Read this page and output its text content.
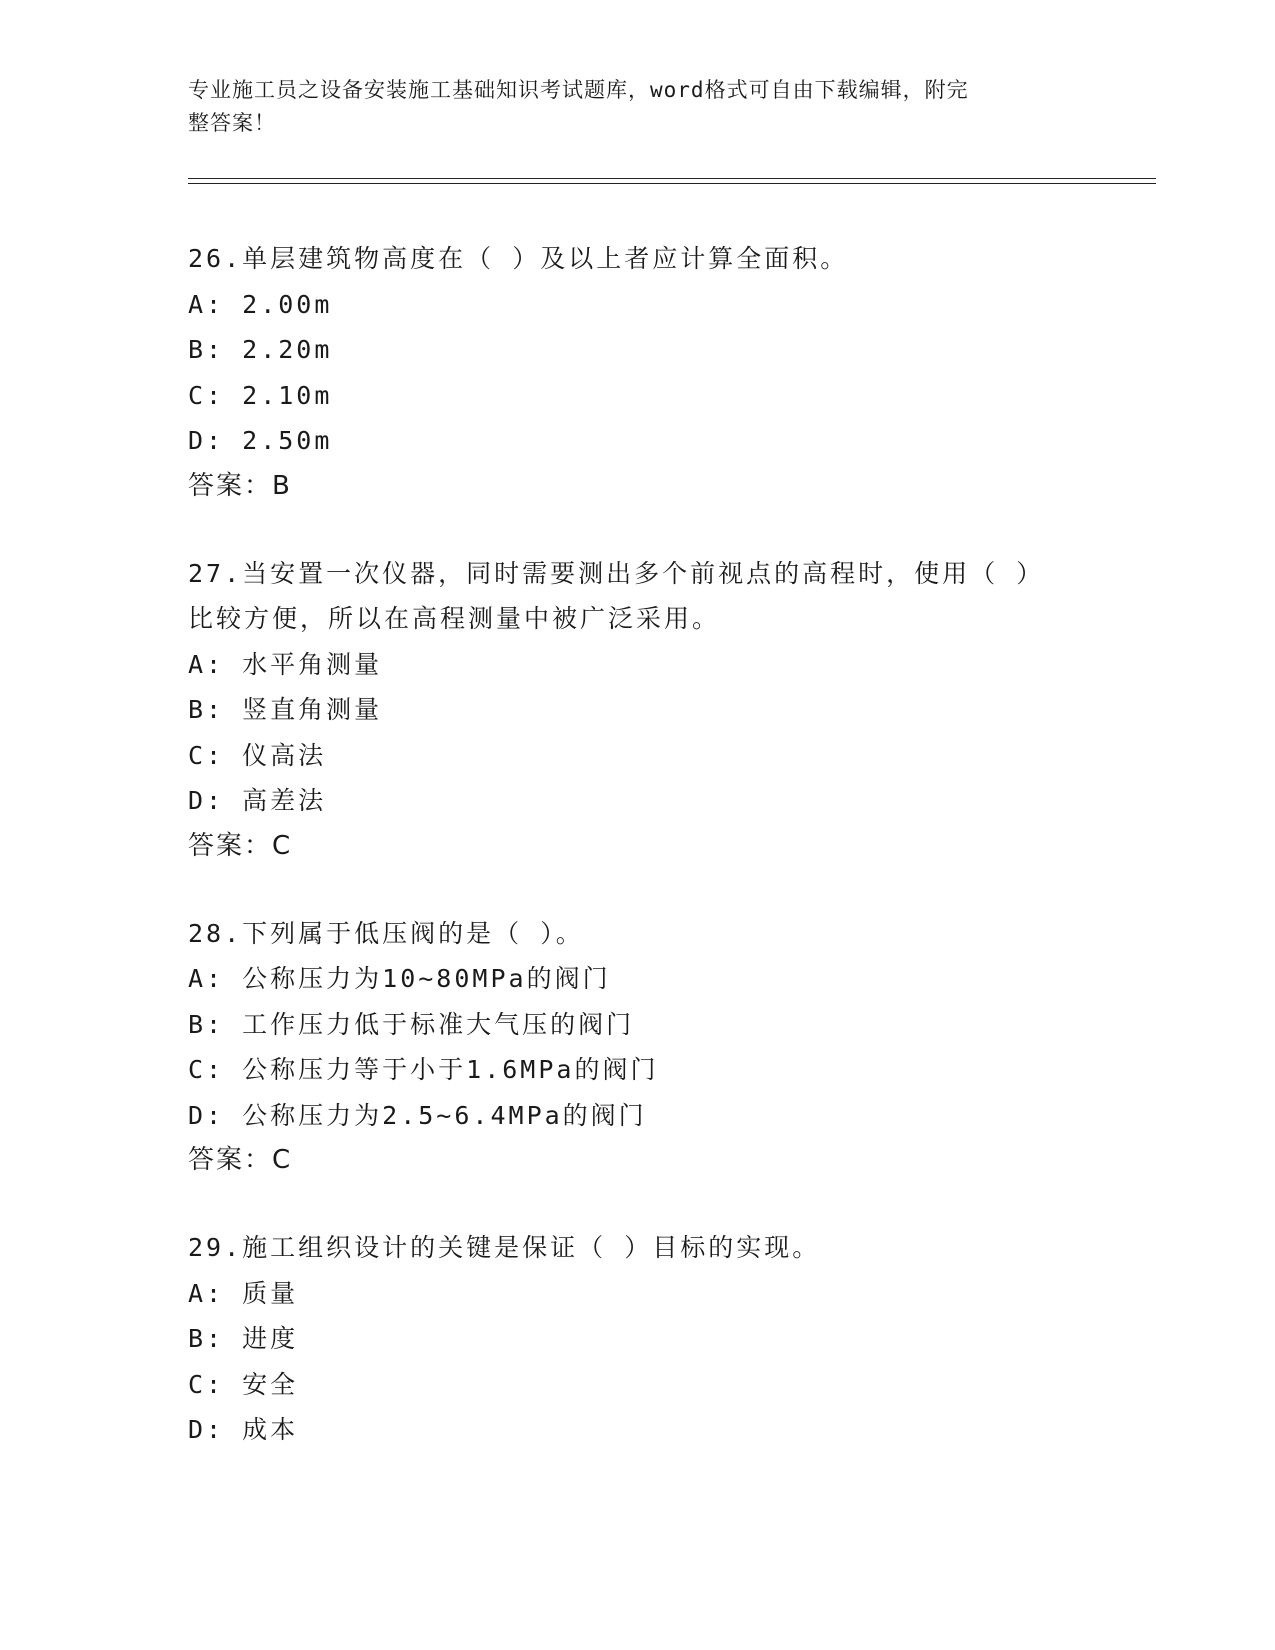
专业施工员之设备安装施工基础知识考试题库，word格式可自由下载编辑，附完
整答案！
26.单层建筑物高度在（ ）及以上者应计算全面积。
A: 2.00m
B: 2.20m
C: 2.10m
D: 2.50m
答案：B
27.当安置一次仪器，同时需要测出多个前视点的高程时，使用（ ）比较方便，所以在高程测量中被广泛采用。
A: 水平角测量
B: 竖直角测量
C: 仪高法
D: 高差法
答案：C
28.下列属于低压阀的是（ ）。
A: 公称压力为10~80MPa的阀门
B: 工作压力低于标准大气压的阀门
C: 公称压力等于小于1.6MPa的阀门
D: 公称压力为2.5~6.4MPa的阀门
答案：C
29.施工组织设计的关键是保证（ ）目标的实现。
A: 质量
B: 进度
C: 安全
D: 成本
